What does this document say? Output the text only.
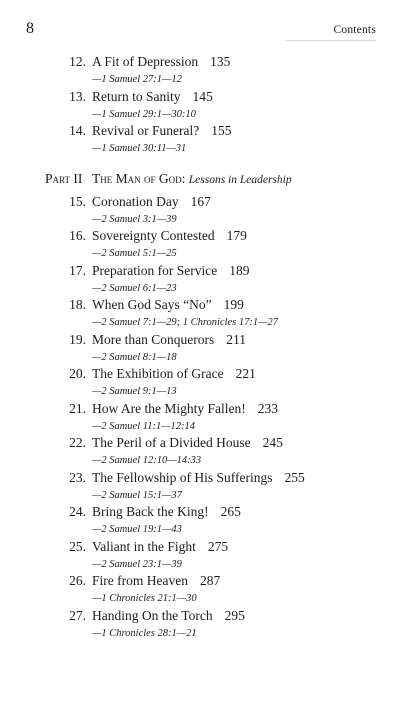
8	Contents
12. A Fit of Depression 135
—1 Samuel 27:1—12
13. Return to Sanity 145
—1 Samuel 29:1—30:10
14. Revival or Funeral? 155
—1 Samuel 30:11—31
Part II The Man of God:
Lessons in Leadership
15. Coronation Day 167
—2 Samuel 3:1—39
16. Sovereignty Contested 179
—2 Samuel 5:1—25
17. Preparation for Service 189
—2 Samuel 6:1—23
18. When God Says “No” 199
—2 Samuel 7:1—29; 1 Chronicles 17:1—27
19. More than Conquerors 211
—2 Samuel 8:1—18
20. The Exhibition of Grace 221
—2 Samuel 9:1—13
21. How Are the Mighty Fallen! 233
—2 Samuel 11:1—12:14
22. The Peril of a Divided House 245
—2 Samuel 12:10—14:33
23. The Fellowship of His Sufferings 255
—2 Samuel 15:1—37
24. Bring Back the King! 265
—2 Samuel 19:1—43
25. Valiant in the Fight 275
—2 Samuel 23:1—39
26. Fire from Heaven 287
—1 Chronicles 21:1—30
27. Handing On the Torch 295
—1 Chronicles 28:1—21
